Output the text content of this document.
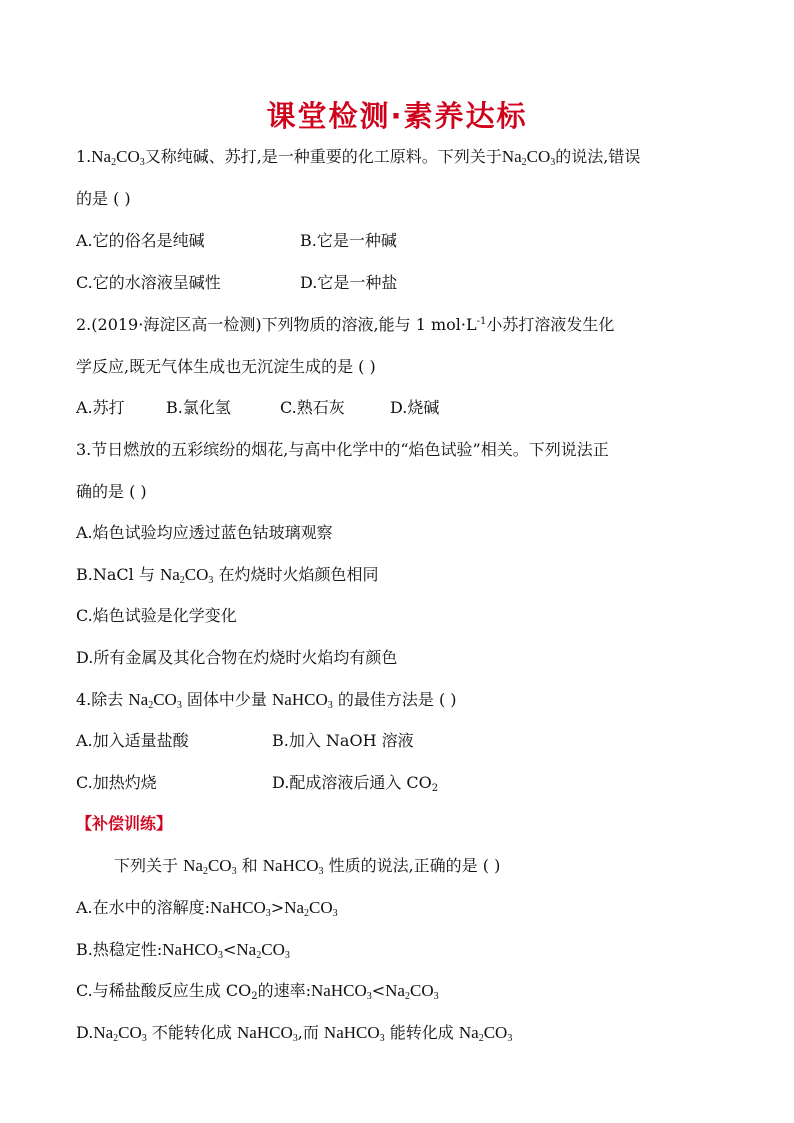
课堂检测·素养达标
$1.Na_2CO_3$又称纯碱、苏打,是一种重要的化工原料。下列关于$Na_2CO_3$的说法,错误
的是 ( )
A.它的俗名是纯碱	B.它是一种碱
C.它的水溶液呈碱性	D.它是一种盐
2.(2019·海淀区高一检测)下列物质的溶液,能与 1 $mol\cdot L^{-1}$小苏打溶液发生化
学反应,既无气体生成也无沉淀生成的是 ( )
A.苏打	B.氯化氢	C.熟石灰	D.烧碱
3.节日燃放的五彩缤纷的烟花,与高中化学中的“焰色试验”相关。下列说法正
确的是 ( )
A.焰色试验均应透过蓝色钴玻璃观察
B.NaCl 与 $Na_2CO_3$ 在灼烧时火焰颜色相同
C.焰色试验是化学变化
D.所有金属及其化合物在灼烧时火焰均有颜色
4.除去 $Na_2CO_3$ 固体中少量 NaHCO$_3$ 的最佳方法是 ( )
A.加入适量盐酸	B.加入 NaOH 溶液
C.加热灼烧	D.配成溶液后通入 $CO_2$
【补偿训练】
下列关于 $Na_2CO_3$ 和 NaHCO$_3$ 性质的说法,正确的是 ( )
A.在水中的溶解度$:NaHCO_3>Na_2CO_3$
B.热稳定性$:NaHCO_3<Na_2CO_3$
C.与稀盐酸反应生成 $CO_2$的速率$:NaHCO_3<Na_2CO_3$
$D.Na_2CO_3$ 不能转化成 NaHCO$_3$,而 NaHCO$_3$ 能转化成 $Na_2CO_3$
